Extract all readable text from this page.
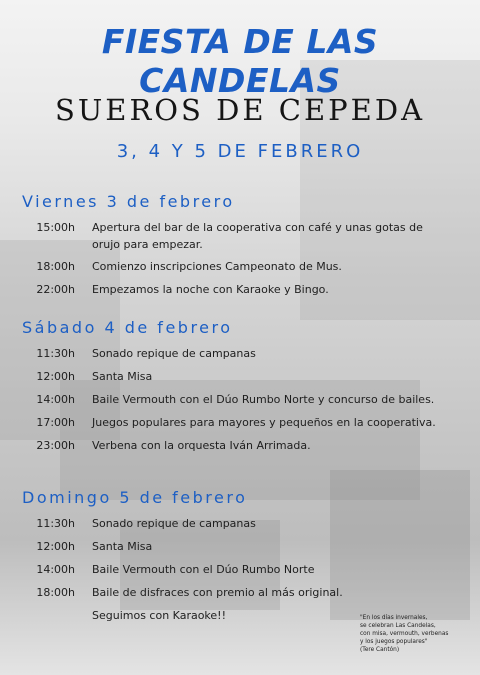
FIESTA DE LAS CANDELAS
SUEROS DE CEPEDA
3, 4 Y 5 DE FEBRERO
Viernes 3 de febrero
15:00h Apertura del bar de la cooperativa con café y unas gotas de
orujo para empezar.
18:00h Comienzo inscripciones Campeonato de Mus.
22:00h Empezamos la noche con Karaoke y Bingo.
Sábado 4 de febrero
11:30h Sonado repique de campanas
12:00h Santa Misa
14:00h Baile Vermouth con el Dúo Rumbo Norte y concurso de bailes.
17:00h Juegos populares para mayores y pequeños en la cooperativa.
23:00h Verbena con la orquesta Iván Arrimada.
Domingo 5 de febrero
11:30h Sonado repique de campanas
12:00h Santa Misa
14:00h Baile Vermouth con el Dúo Rumbo Norte
18:00h Baile de disfraces con premio al más original.
Seguimos con Karaoke!!	"En los días invernales,
se celebran Las Candelas,
con misa, vermouth, verbenas
y los juegos populares"
(Tere Cantón)
